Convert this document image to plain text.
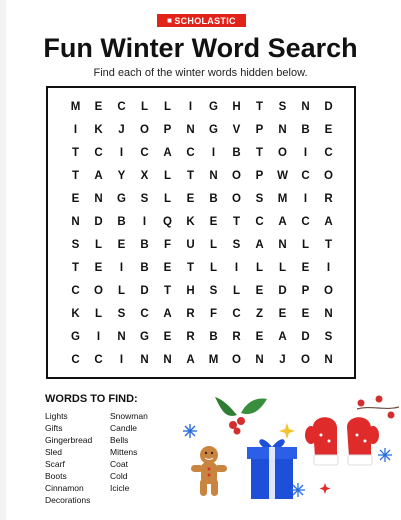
■ SCHOLASTIC
Fun Winter Word Search
Find each of the winter words hidden below.
M	E	C	L	L	I	G	H	T	S	N	D
I	K	J	O	P	N	G	V	P	N	B	E
T	C	I	C	A	C	I	B	T	O	I	C
T	A	Y	X	L	T	N	O	P	W	C	O
E	N	G	S	L	E	B	O	S	M	I	R
N	D	B	I	Q	K	E	T	C	A	C	A
S	L	E	B	F	U	L	S	A	N	L	T
T	E	I	B	E	T	L	I	L	L	E	I
C	O	L	D	T	H	S	L	E	D	P	O
K	L	S	C	A	R	F	C	Z	E	E	N
G	I	N	G	E	R	B	R	E	A	D	S
C	C	I	N	N	A	M	O	N	J	O	N
WORDS TO FIND:
Lights
Gifts
Gingerbread
Sled
Scarf
Boots
Cinnamon
Decorations
Snowman
Candle
Bells
Mittens
Coat
Cold
Icicle
